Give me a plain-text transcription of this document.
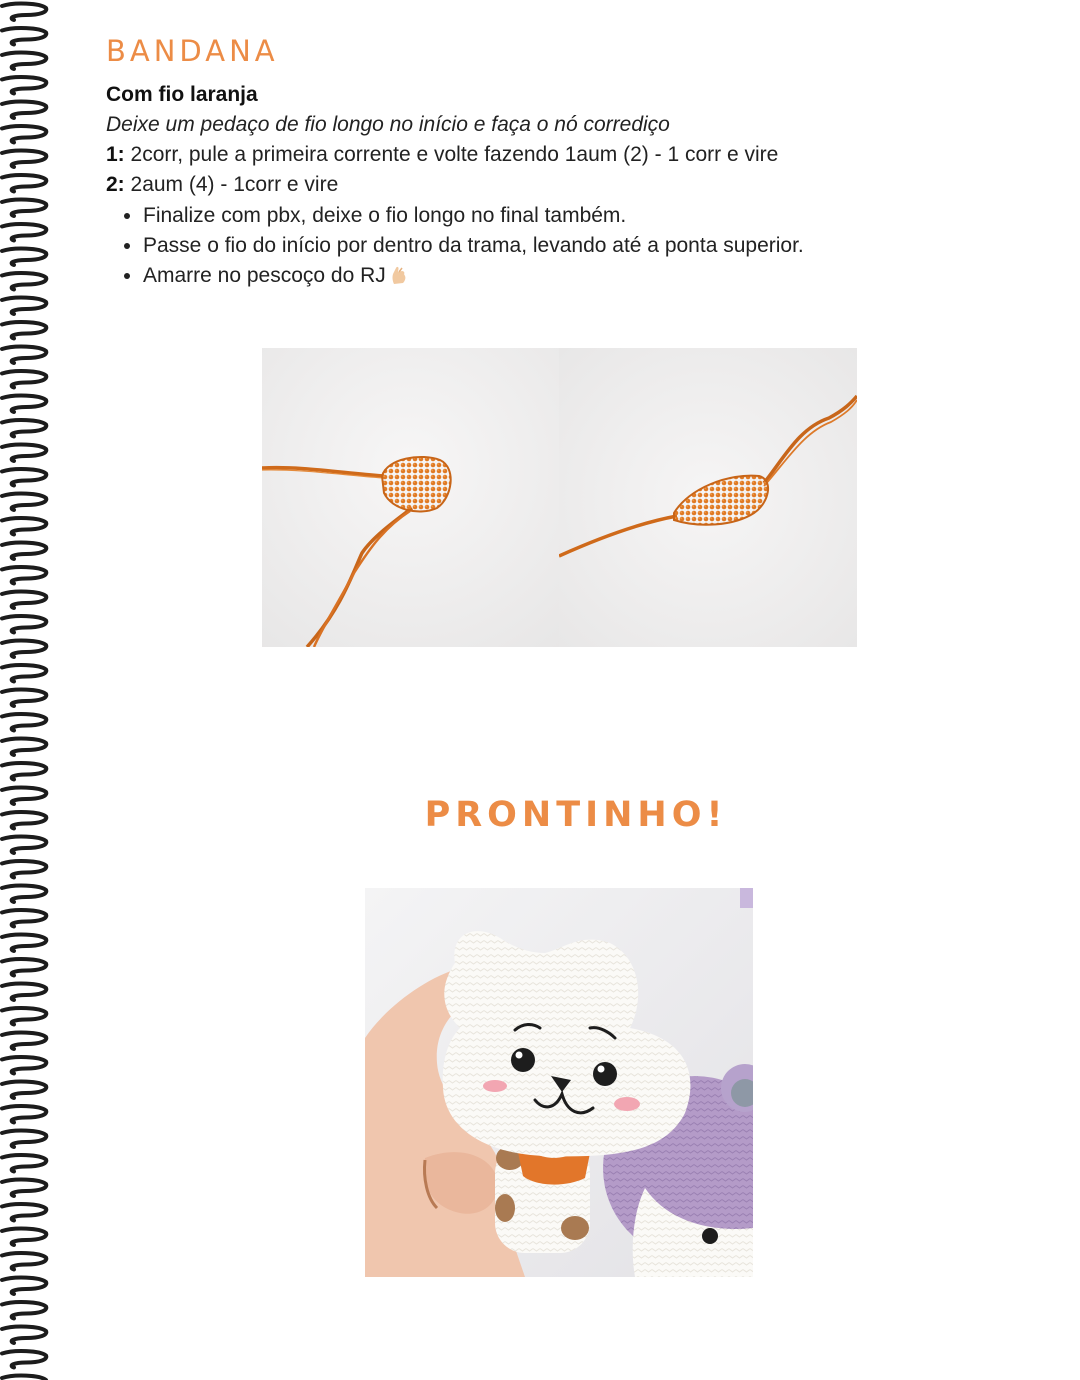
BANDANA
Com fio laranja
Deixe um pedaço de fio longo no início e faça o nó corrediço
1: 2corr, pule a primeira corrente e volte fazendo 1aum (2) - 1 corr e vire
2: 2aum (4) - 1corr e vire
• Finalize com pbx, deixe o fio longo no final também.
• Passe o fio do início por dentro da trama, levando até a ponta superior.
• Amarre no pescoço do RJ
PRONTINHO!
